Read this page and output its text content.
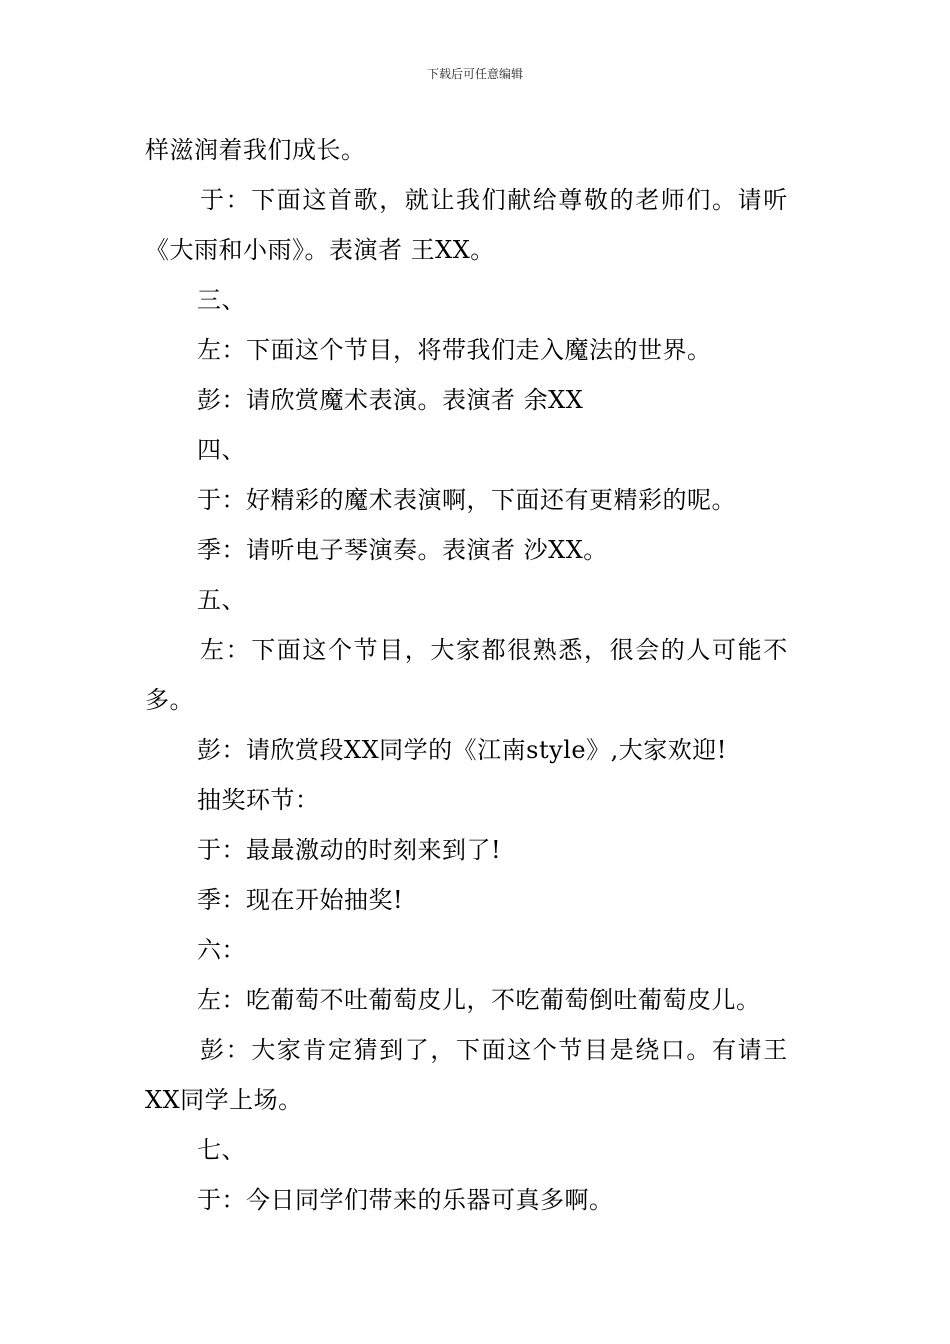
下载后可任意编辑
样滋润着我们成长。
于：下面这首歌，就让我们献给尊敬的老师们。请听
《大雨和小雨》。表演者 王XX。
三、
左：下面这个节目，将带我们走入魔法的世界。
彭：请欣赏魔术表演。表演者 余XX
四、
于：好精彩的魔术表演啊，下面还有更精彩的呢。
季：请听电子琴演奏。表演者 沙XX。
五、
左：下面这个节目，大家都很熟悉，很会的人可能不
多。
彭：请欣赏段XX同学的《江南style》,大家欢迎!
抽奖环节：
于：最最激动的时刻来到了!
季：现在开始抽奖!
六：
左：吃葡萄不吐葡萄皮儿，不吃葡萄倒吐葡萄皮儿。
彭：大家肯定猜到了，下面这个节目是绕口。有请王
XX同学上场。
七、
于：今日同学们带来的乐器可真多啊。
